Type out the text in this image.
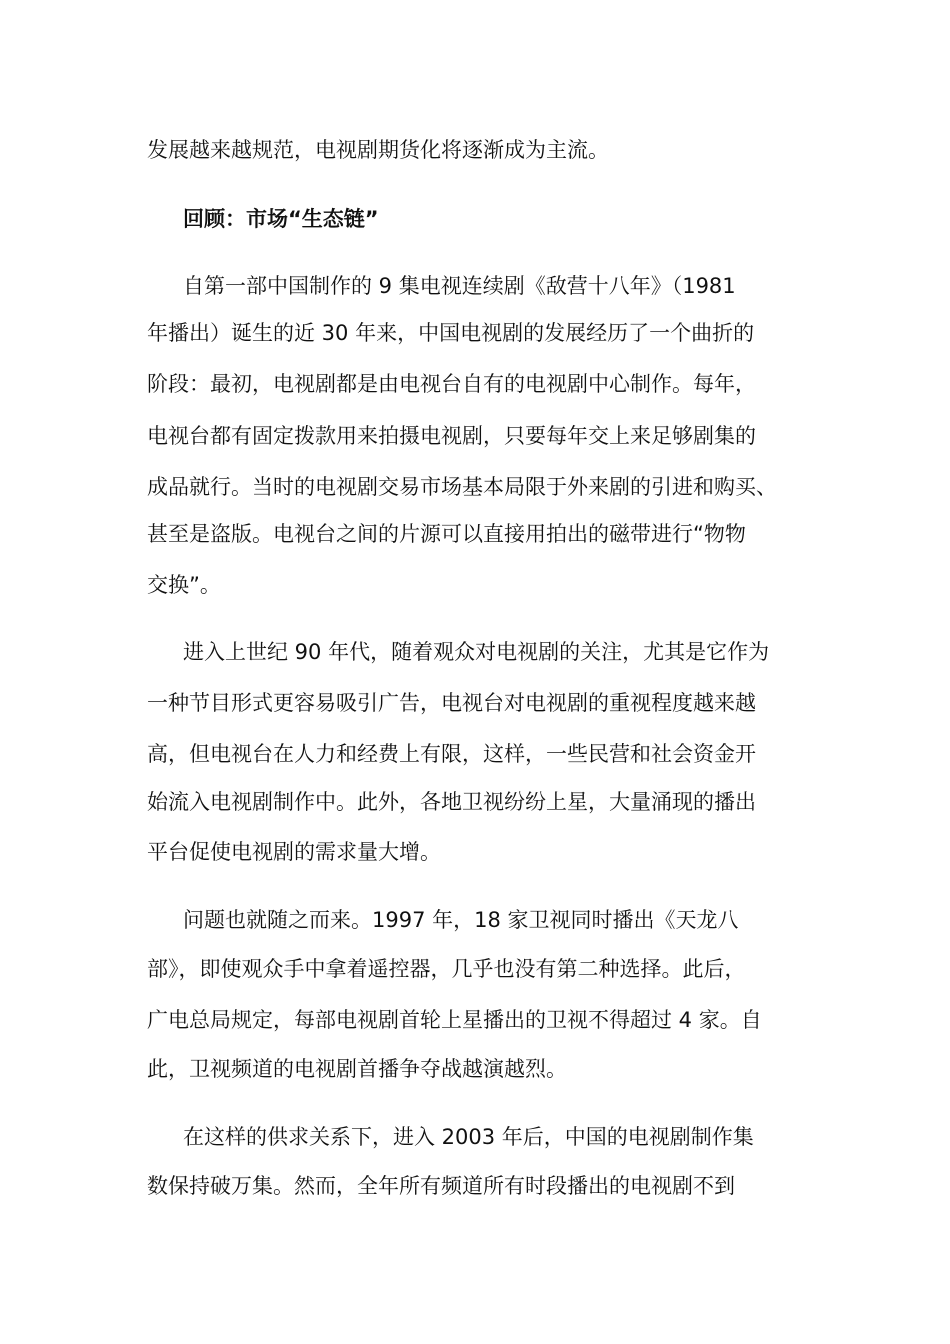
发展越来越规范，电视剧期货化将逐渐成为主流。
回顾：市场“生态链”
自第一部中国制作的 9 集电视连续剧《敌营十八年》（1981
年播出）诞生的近 30 年来，中国电视剧的发展经历了一个曲折的
阶段：最初，电视剧都是由电视台自有的电视剧中心制作。每年，
电视台都有固定拨款用来拍摄电视剧，只要每年交上来足够剧集的
成品就行。当时的电视剧交易市场基本局限于外来剧的引进和购买、
甚至是盗版。电视台之间的片源可以直接用拍出的磁带进行“物物
交换”。
进入上世纪 90 年代，随着观众对电视剧的关注，尤其是它作为
一种节目形式更容易吸引广告，电视台对电视剧的重视程度越来越
高，但电视台在人力和经费上有限，这样，一些民营和社会资金开
始流入电视剧制作中。此外，各地卫视纷纷上星，大量涌现的播出
平台促使电视剧的需求量大增。
问题也就随之而来。1997 年，18 家卫视同时播出《天龙八
部》，即使观众手中拿着遥控器，几乎也没有第二种选择。此后，
广电总局规定，每部电视剧首轮上星播出的卫视不得超过 4 家。自
此，卫视频道的电视剧首播争夺战越演越烈。
在这样的供求关系下，进入 2003 年后，中国的电视剧制作集
数保持破万集。然而，全年所有频道所有时段播出的电视剧不到
